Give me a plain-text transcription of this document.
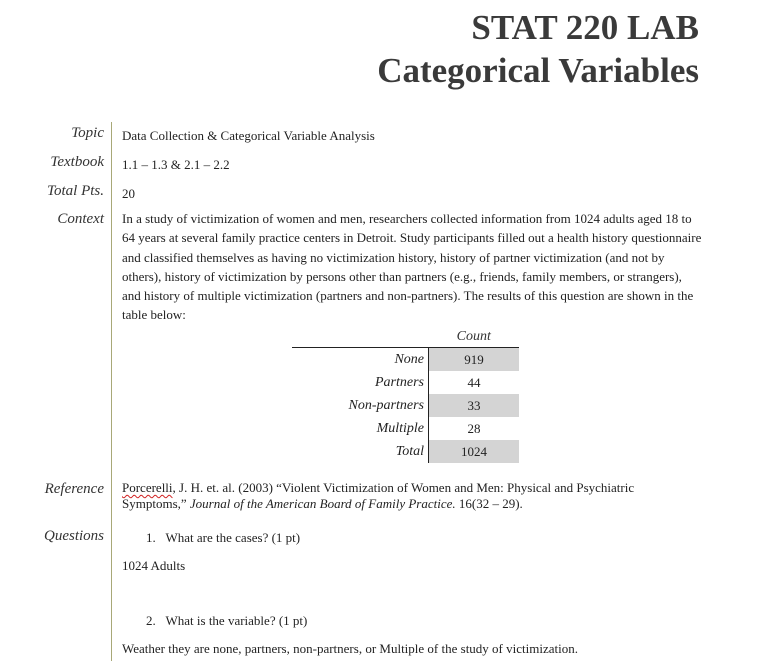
STAT 220 LAB
Categorical Variables
Topic Data Collection & Categorical Variable Analysis
Textbook 1.1 – 1.3 & 2.1 – 2.2
Total Pts. 20
Context In a study of victimization of women and men, researchers collected information from 1024 adults aged 18 to 64 years at several family practice centers in Detroit. Study participants filled out a health history questionnaire and classified themselves as having no victimization history, history of partner victimization (and not by others), history of victimization by persons other than partners (e.g., friends, family members, or strangers), and history of multiple victimization (partners and non-partners). The results of this question are shown in the table below:
	Count
None	919
Partners	44
Non-partners	33
Multiple	28
Total	1024
Reference Porcerelli, J. H. et. al. (2003) “Violent Victimization of Women and Men: Physical and Psychiatric
Symptoms,” Journal of the American Board of Family Practice. 16(32 – 29).
Questions	1.   What are the cases? (1 pt)
1024 Adults
2.   What is the variable? (1 pt)
Weather they are none, partners, non-partners, or Multiple of the study of victimization.
